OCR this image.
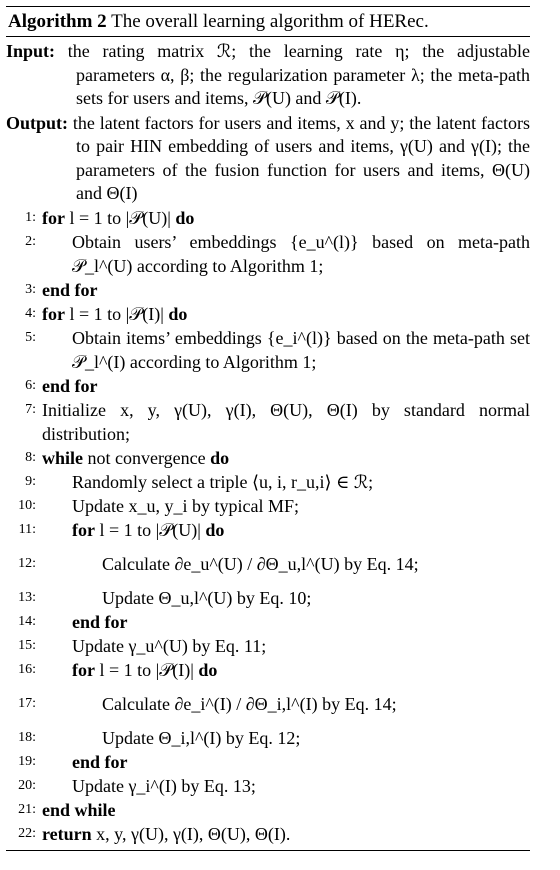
Algorithm 2 The overall learning algorithm of HERec.

Input: the rating matrix ℛ; the learning rate η; the adjustable parameters α, β; the regularization parameter λ; the meta-path sets for users and items, 𝒫(U) and 𝒫(I).

Output: the latent factors for users and items, x and y; the latent factors to pair HIN embedding of users and items, γ(U) and γ(I); the parameters of the fusion function for users and items, Θ(U) and Θ(I)

1: for l = 1 to |𝒫(U)| do
2: Obtain users’ embeddings {e_u^(l)} based on meta-path 𝒫_l^(U) according to Algorithm 1;
3: end for
4: for l = 1 to |𝒫(I)| do
5: Obtain items’ embeddings {e_i^(l)} based on the meta-path set 𝒫_l^(I) according to Algorithm 1;
6: end for
7: Initialize x, y, γ(U), γ(I), Θ(U), Θ(I) by standard normal distribution;
8: while not convergence do
9: Randomly select a triple ⟨u, i, r_u,i⟩ ∈ ℛ;
10: Update x_u, y_i by typical MF;
11: for l = 1 to |𝒫(U)| do
12:	Calculate ∂e_u^(U) / ∂Θ_u,l^(U) by Eq. 14;
13:	Update Θ_u,l^(U) by Eq. 10;
14: end for
15: Update γ_u^(U) by Eq. 11;
16: for l = 1 to |𝒫(I)| do
17:	Calculate ∂e_i^(I) / ∂Θ_i,l^(I) by Eq. 14;
18:	Update Θ_i,l^(I) by Eq. 12;
19: end for
20: Update γ_i^(I) by Eq. 13;
21: end while
22: return x, y, γ(U), γ(I), Θ(U), Θ(I).
